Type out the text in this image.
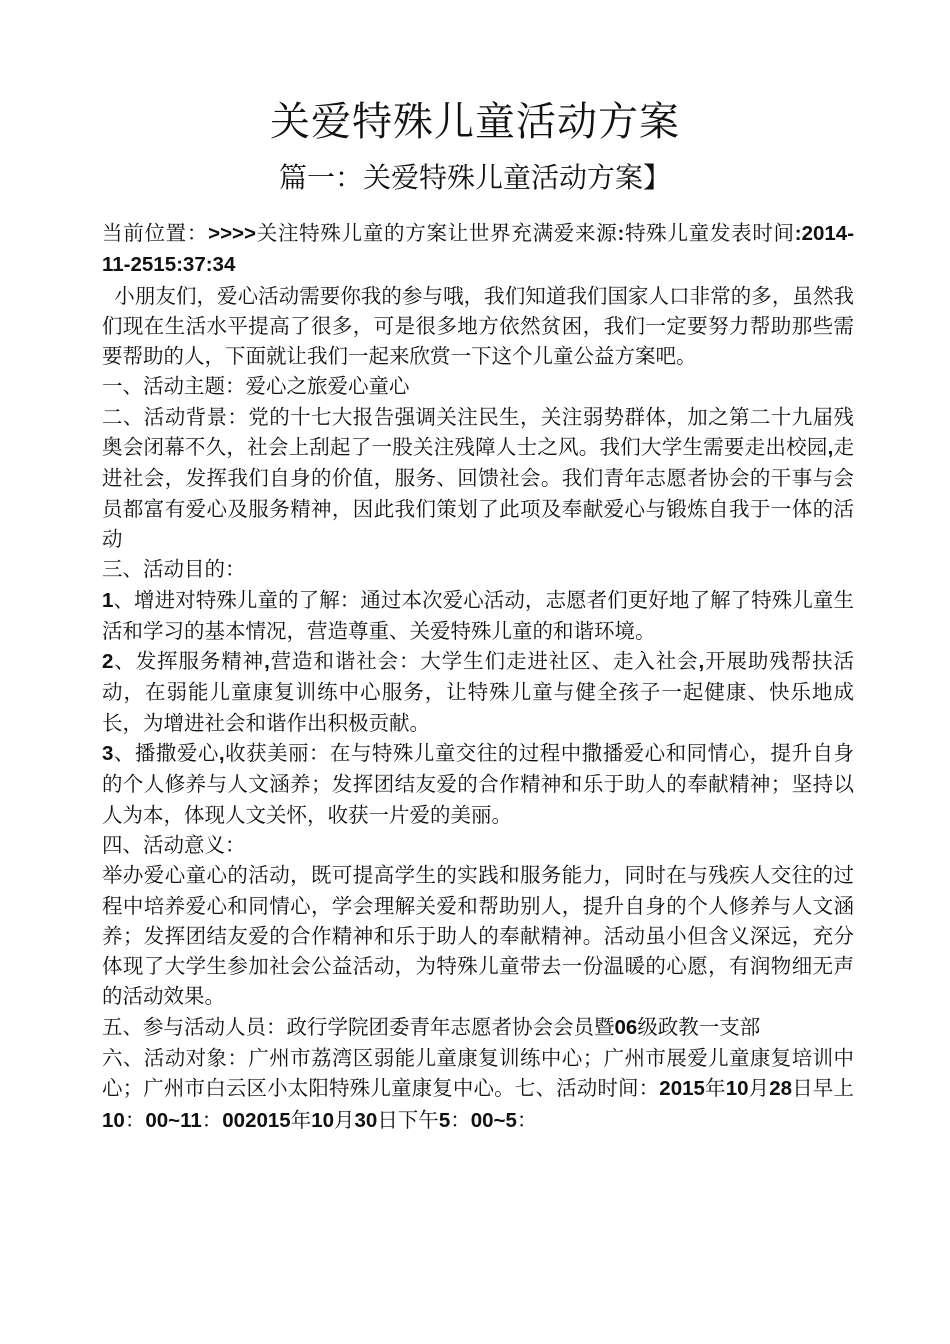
关爱特殊儿童活动方案
篇一：关爱特殊儿童活动方案】

当前位置：>>>>关注特殊儿童的方案让世界充满爱来源:特殊儿童发表时间:2014-11-2515:37:34

小朋友们，爱心活动需要你我的参与哦，我们知道我们国家人口非常的多，虽然我们现在生活水平提高了很多，可是很多地方依然贫困，我们一定要努力帮助那些需要帮助的人，下面就让我们一起来欣赏一下这个儿童公益方案吧。

一、活动主题：爱心之旅爱心童心

二、活动背景：党的十七大报告强调关注民生，关注弱势群体，加之第二十九届残奥会闭幕不久，社会上刮起了一股关注残障人士之风。我们大学生需要走出校园,走进社会，发挥我们自身的价值，服务、回馈社会。我们青年志愿者协会的干事与会员都富有爱心及服务精神，因此我们策划了此项及奉献爱心与锻炼自我于一体的活动

三、活动目的：

1、增进对特殊儿童的了解：通过本次爱心活动，志愿者们更好地了解了特殊儿童生活和学习的基本情况，营造尊重、关爱特殊儿童的和谐环境。

2、发挥服务精神,营造和谐社会：大学生们走进社区、走入社会,开展助残帮扶活动，在弱能儿童康复训练中心服务，让特殊儿童与健全孩子一起健康、快乐地成长，为增进社会和谐作出积极贡献。

3、播撒爱心,收获美丽：在与特殊儿童交往的过程中撒播爱心和同情心，提升自身的个人修养与人文涵养；发挥团结友爱的合作精神和乐于助人的奉献精神；坚持以人为本，体现人文关怀，收获一片爱的美丽。

四、活动意义：

举办爱心童心的活动，既可提高学生的实践和服务能力，同时在与残疾人交往的过程中培养爱心和同情心，学会理解关爱和帮助别人，提升自身的个人修养与人文涵养；发挥团结友爱的合作精神和乐于助人的奉献精神。活动虽小但含义深远，充分体现了大学生参加社会公益活动，为特殊儿童带去一份温暖的心愿，有润物细无声的活动效果。

五、参与活动人员：政行学院团委青年志愿者协会会员暨06级政教一支部

六、活动对象：广州市荔湾区弱能儿童康复训练中心；广州市展爱儿童康复培训中心；广州市白云区小太阳特殊儿童康复中心。七、活动时间：2015年10月28日早上10：00~11：002015年10月30日下午5：00~5：
